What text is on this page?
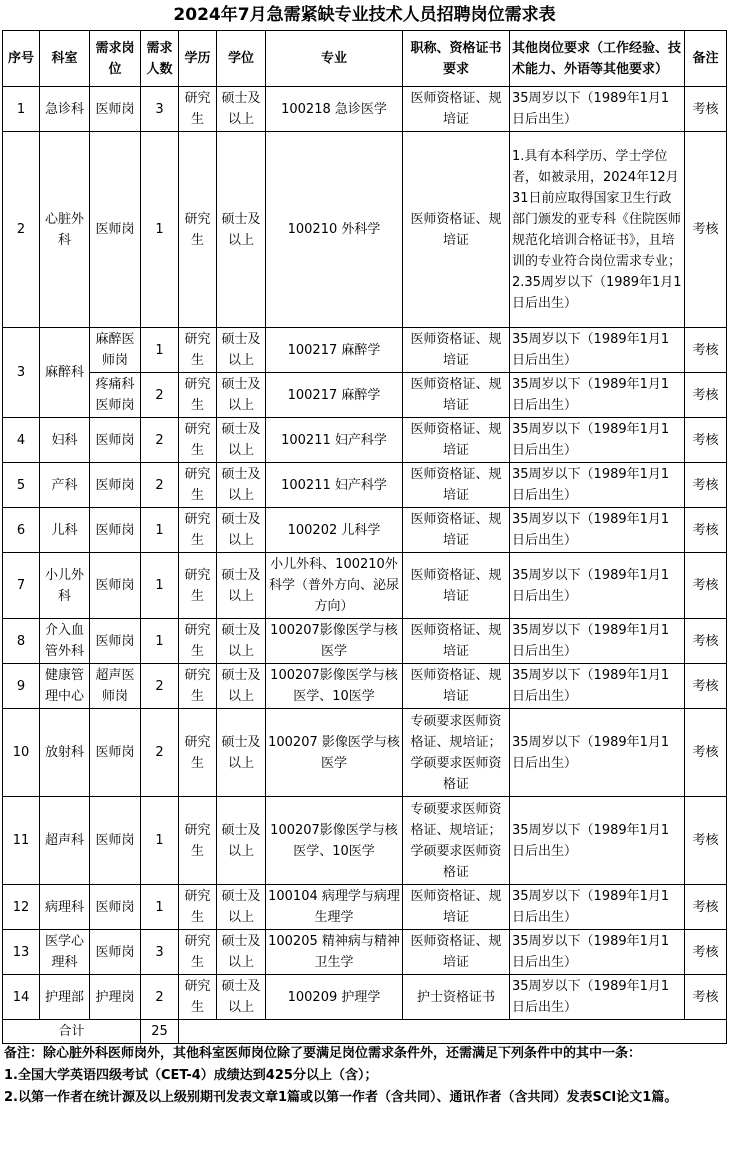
2024年7月急需紧缺专业技术人员招聘岗位需求表
序号	科室	需求岗位	需求人数	学历	学位	专业	职称、资格证书要求	其他岗位要求（工作经验、技术能力、外语等其他要求）	备注
1	急诊科	医师岗	3	研究生	硕士及以上	100218 急诊医学	医师资格证、规培证	35周岁以下（1989年1月1日后出生）	考核
2	心脏外科	医师岗	1	研究生	硕士及以上	100210 外科学	医师资格证、规培证	1.具有本科学历、学士学位者，如被录用，2024年12月31日前应取得国家卫生行政部门颁发的亚专科《住院医师规范化培训合格证书》，且培训的专业符合岗位需求专业；2.35周岁以下（1989年1月1日后出生）	考核
3	麻醉科	麻醉医师岗	1	研究生	硕士及以上	100217 麻醉学	医师资格证、规培证	35周岁以下（1989年1月1日后出生）	考核
		疼痛科医师岗	2	研究生	硕士及以上	100217 麻醉学	医师资格证、规培证	35周岁以下（1989年1月1日后出生）	考核
4	妇科	医师岗	2	研究生	硕士及以上	100211 妇产科学	医师资格证、规培证	35周岁以下（1989年1月1日后出生）	考核
5	产科	医师岗	2	研究生	硕士及以上	100211 妇产科学	医师资格证、规培证	35周岁以下（1989年1月1日后出生）	考核
6	儿科	医师岗	1	研究生	硕士及以上	100202 儿科学	医师资格证、规培证	35周岁以下（1989年1月1日后出生）	考核
7	小儿外科	医师岗	1	研究生	硕士及以上	小儿外科、100210外科学（普外方向、泌尿方向）	医师资格证、规培证	35周岁以下（1989年1月1日后出生）	考核
8	介入血管外科	医师岗	1	研究生	硕士及以上	100207影像医学与核医学	医师资格证、规培证	35周岁以下（1989年1月1日后出生）	考核
9	健康管理中心	超声医师岗	2	研究生	硕士及以上	100207影像医学与核医学、10医学	医师资格证、规培证	35周岁以下（1989年1月1日后出生）	考核
10	放射科	医师岗	2	研究生	硕士及以上	100207 影像医学与核医学	专硕要求医师资格证、规培证；学硕要求医师资格证	35周岁以下（1989年1月1日后出生）	考核
11	超声科	医师岗	1	研究生	硕士及以上	100207影像医学与核医学、10医学	专硕要求医师资格证、规培证；学硕要求医师资格证	35周岁以下（1989年1月1日后出生）	考核
12	病理科	医师岗	1	研究生	硕士及以上	100104 病理学与病理生理学	医师资格证、规培证	35周岁以下（1989年1月1日后出生）	考核
13	医学心理科	医师岗	3	研究生	硕士及以上	100205 精神病与精神卫生学	医师资格证、规培证	35周岁以下（1989年1月1日后出生）	考核
14	护理部	护理岗	2	研究生	硕士及以上	100209 护理学	护士资格证书	35周岁以下（1989年1月1日后出生）	考核
合计			25						

备注：除心脏外科医师岗外，其他科室医师岗位除了要满足岗位需求条件外，还需满足下列条件中的其中一条：

1.全国大学英语四级考试（CET-4）成绩达到425分以上（含）；

2.以第一作者在统计源及以上级别期刊发表文章1篇或以第一作者（含共同）、通讯作者（含共同）发表SCI论文1篇。
